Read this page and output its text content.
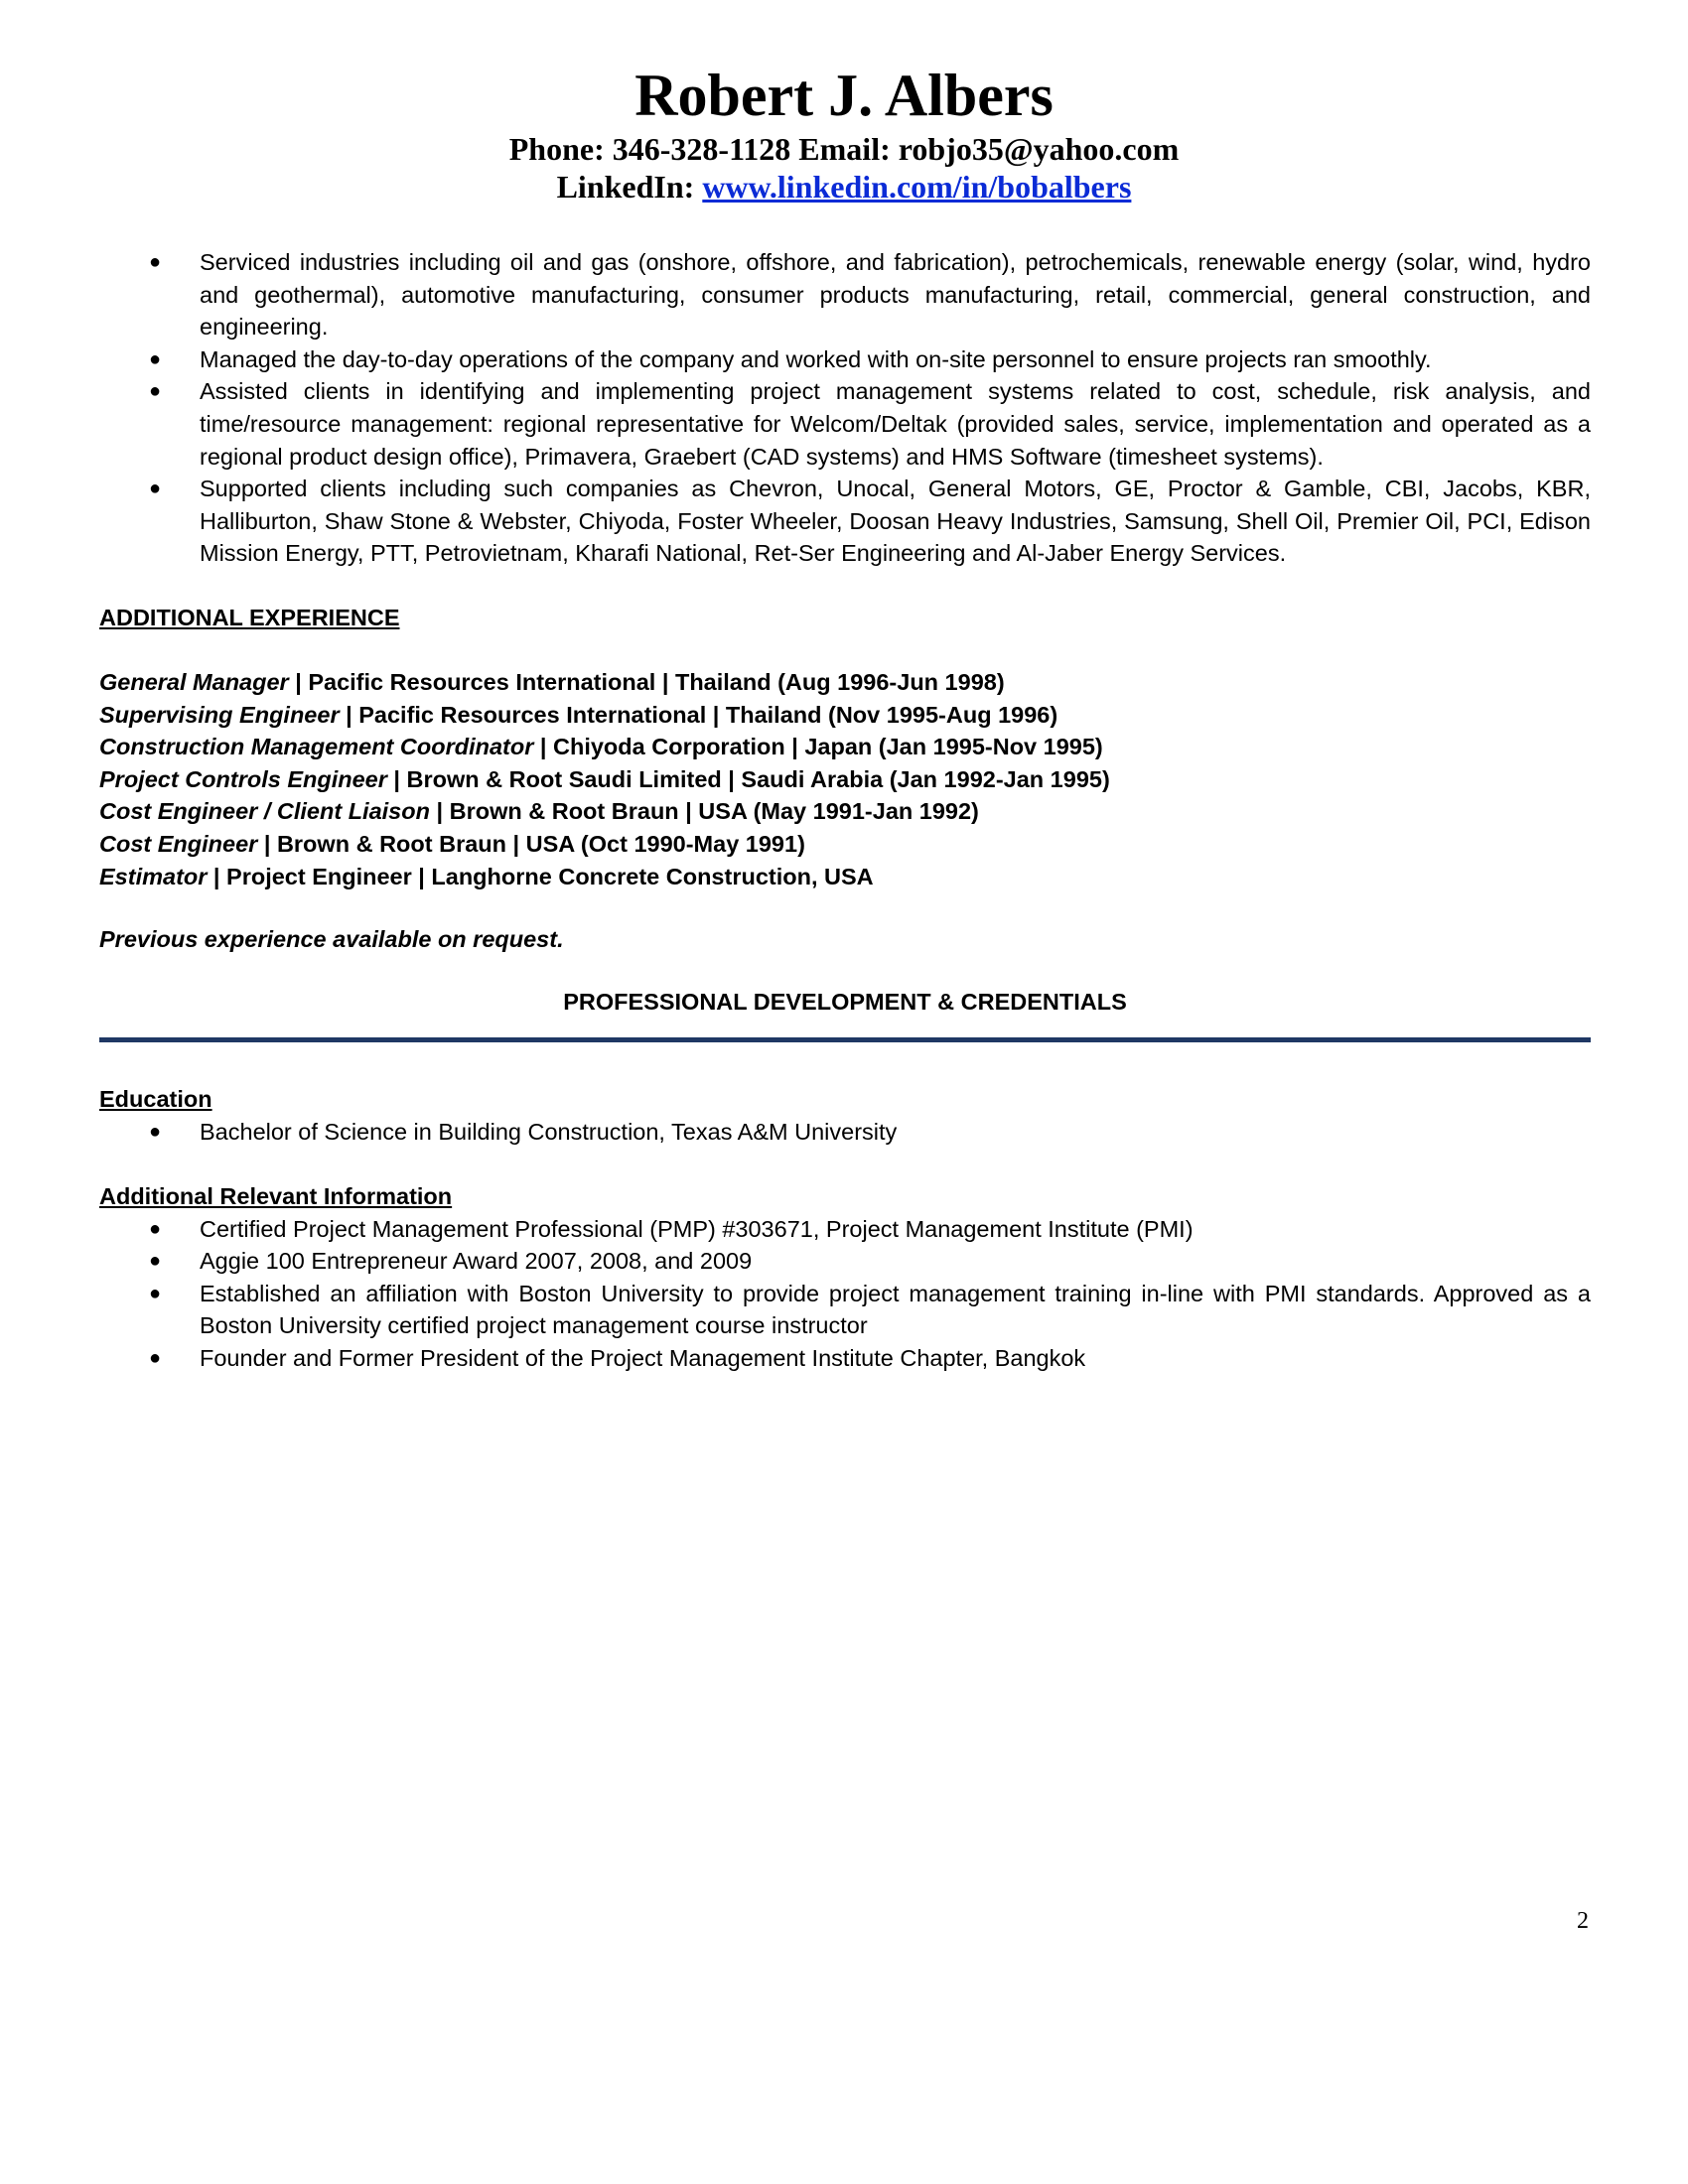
Robert J. Albers
Phone: 346-328-1128 Email: robjo35@yahoo.com
LinkedIn: www.linkedin.com/in/bobalbers
● Serviced industries including oil and gas (onshore, offshore, and fabrication), petrochemicals, renewable energy (solar, wind, hydro and geothermal), automotive manufacturing, consumer products manufacturing, retail, commercial, general construction, and engineering.
● Managed the day-to-day operations of the company and worked with on-site personnel to ensure projects ran smoothly.
● Assisted clients in identifying and implementing project management systems related to cost, schedule, risk analysis, and time/resource management: regional representative for Welcom/Deltak (provided sales, service, implementation and operated as a regional product design office), Primavera, Graebert (CAD systems) and HMS Software (timesheet systems).
● Supported clients including such companies as Chevron, Unocal, General Motors, GE, Proctor & Gamble, CBI, Jacobs, KBR, Halliburton, Shaw Stone & Webster, Chiyoda, Foster Wheeler, Doosan Heavy Industries, Samsung, Shell Oil, Premier Oil, PCI, Edison Mission Energy, PTT, Petrovietnam, Kharafi National, Ret-Ser Engineering and Al-Jaber Energy Services.
ADDITIONAL EXPERIENCE
General Manager | Pacific Resources International | Thailand (Aug 1996-Jun 1998)
Supervising Engineer | Pacific Resources International | Thailand (Nov 1995-Aug 1996)
Construction Management Coordinator | Chiyoda Corporation | Japan (Jan 1995-Nov 1995)
Project Controls Engineer | Brown & Root Saudi Limited | Saudi Arabia (Jan 1992-Jan 1995)
Cost Engineer / Client Liaison | Brown & Root Braun | USA (May 1991-Jan 1992)
Cost Engineer | Brown & Root Braun | USA (Oct 1990-May 1991)
Estimator | Project Engineer | Langhorne Concrete Construction, USA
Previous experience available on request.
PROFESSIONAL DEVELOPMENT & CREDENTIALS
Education
● Bachelor of Science in Building Construction, Texas A&M University
Additional Relevant Information
● Certified Project Management Professional (PMP) #303671, Project Management Institute (PMI)
● Aggie 100 Entrepreneur Award 2007, 2008, and 2009
● Established an affiliation with Boston University to provide project management training in-line with PMI standards. Approved as a Boston University certified project management course instructor
● Founder and Former President of the Project Management Institute Chapter, Bangkok
2
